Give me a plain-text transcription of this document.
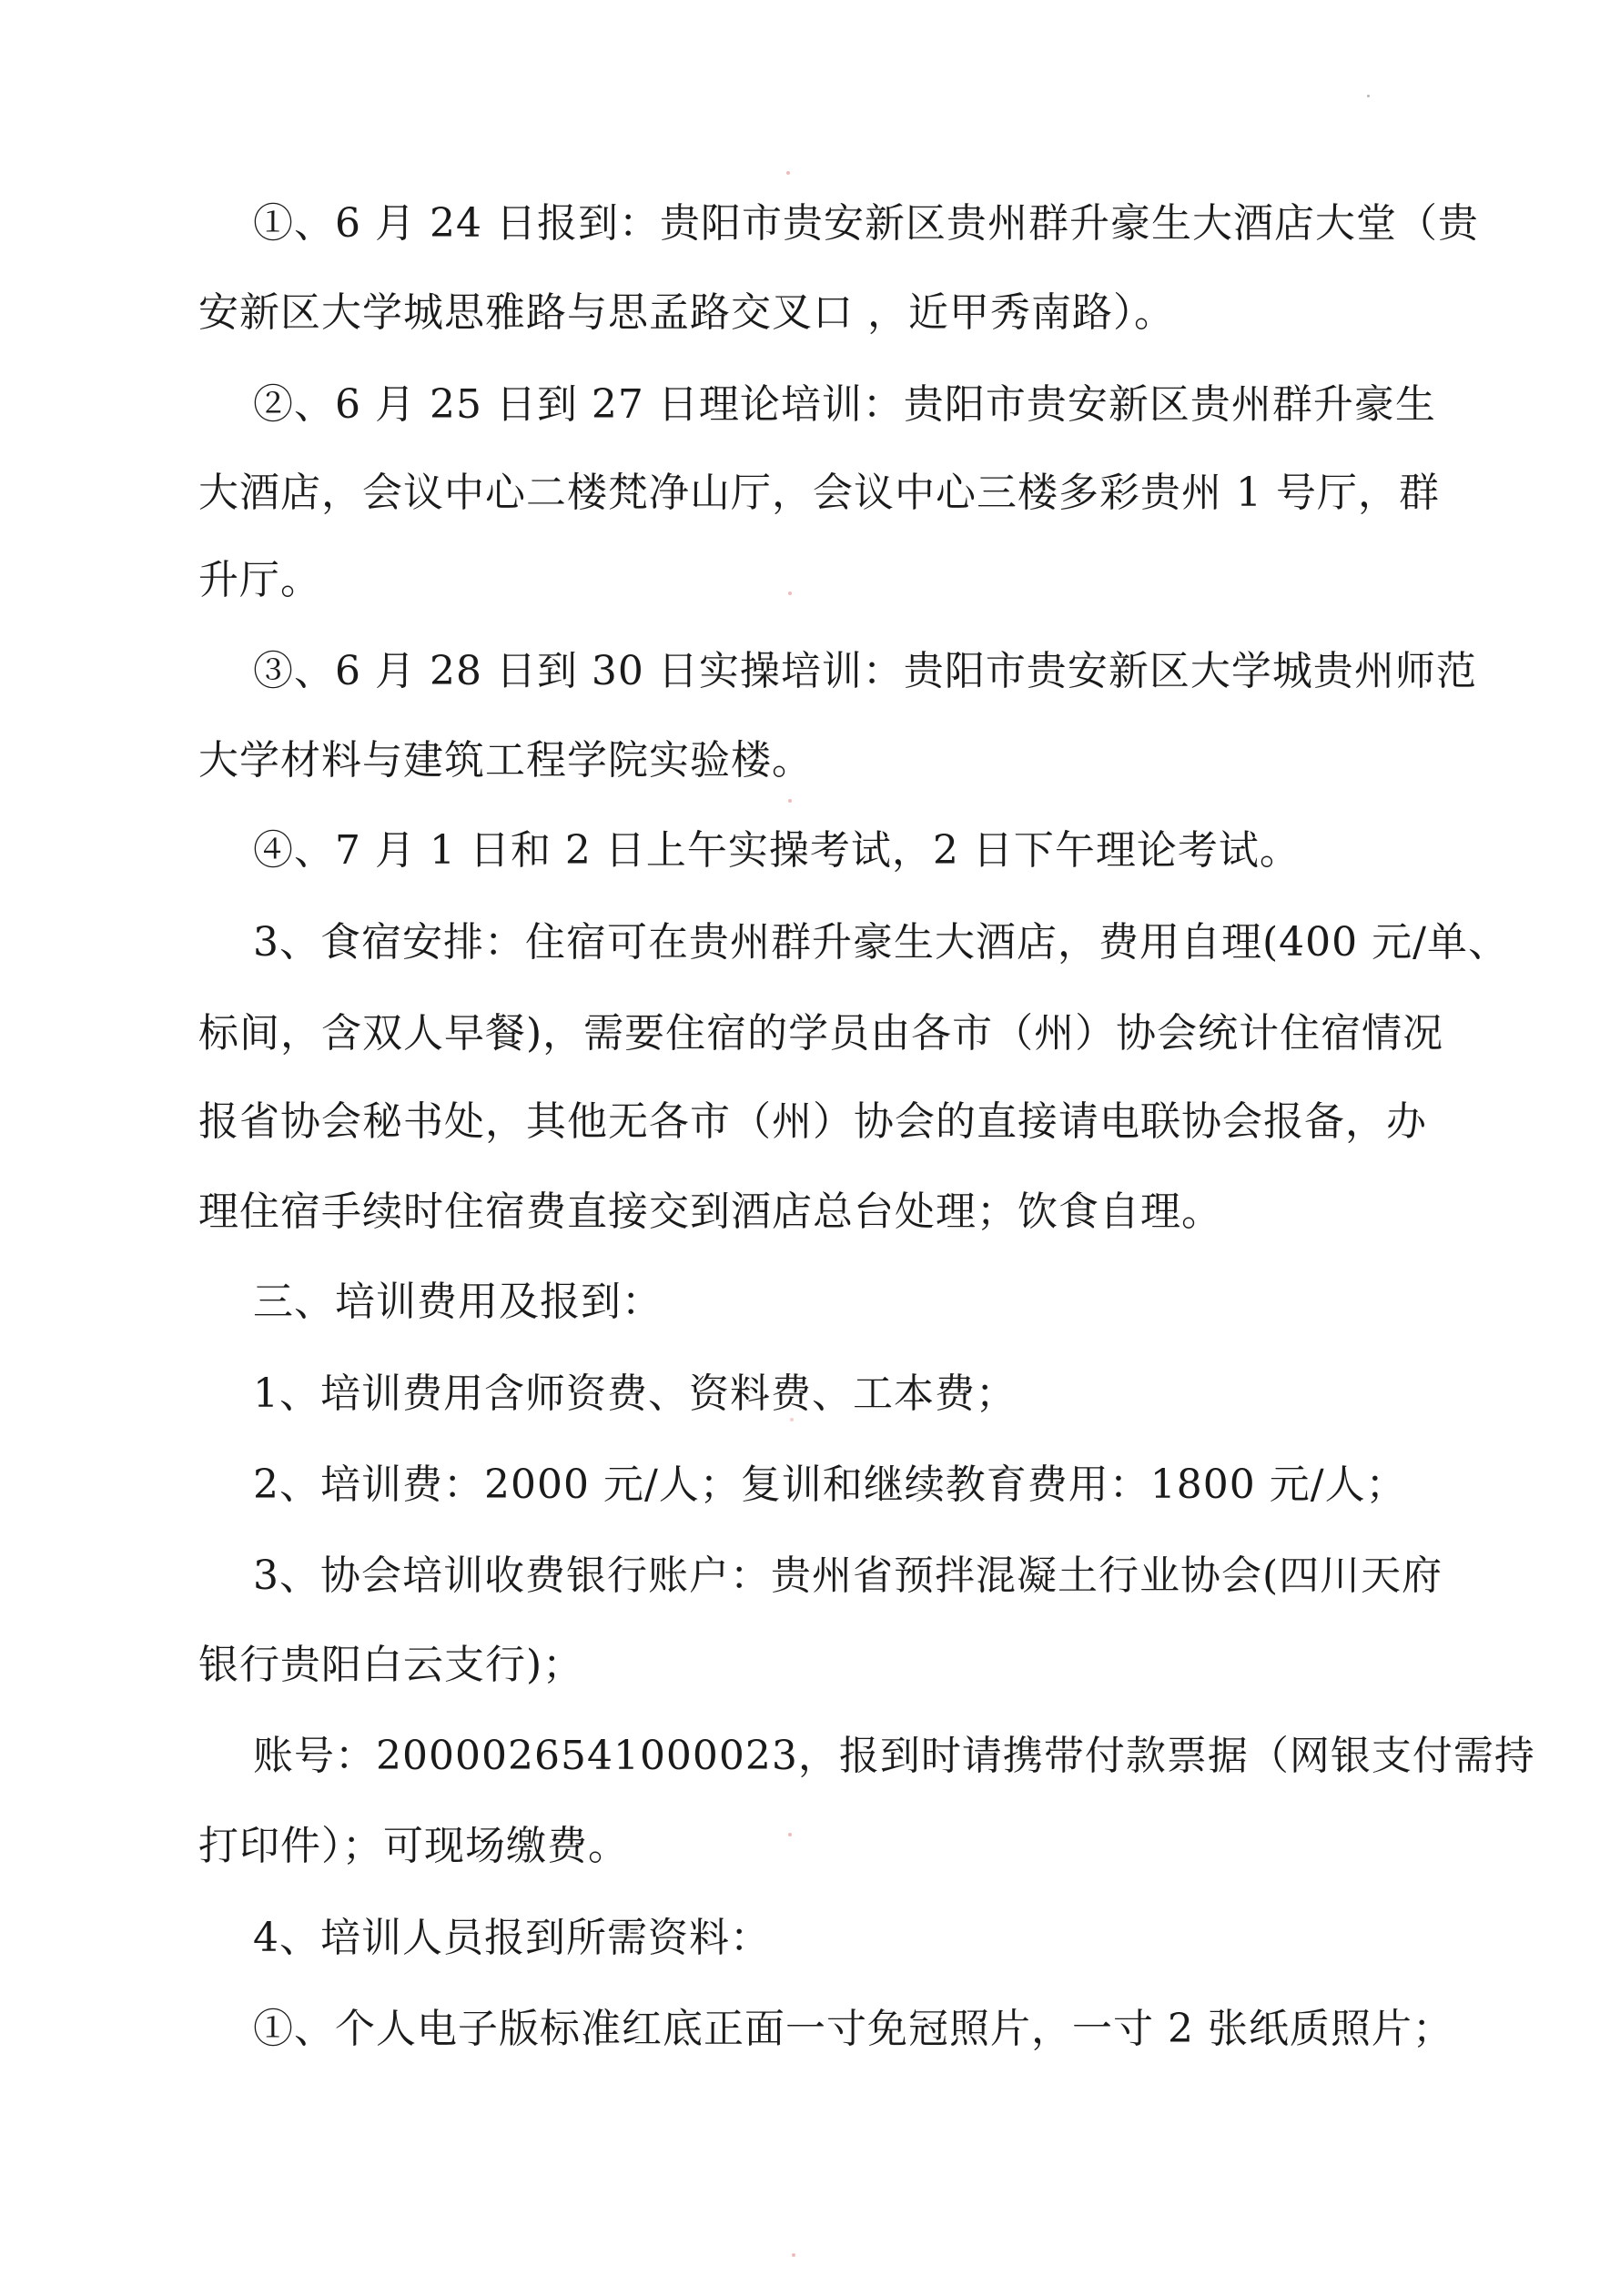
①、6 月 24 日报到：贵阳市贵安新区贵州群升豪生大酒店大堂（贵
安新区大学城思雅路与思孟路交叉口 ，近甲秀南路）。
②、6 月 25 日到 27 日理论培训：贵阳市贵安新区贵州群升豪生
大酒店，会议中心二楼梵净山厅，会议中心三楼多彩贵州 1 号厅，群
升厅。
③、6 月 28 日到 30 日实操培训：贵阳市贵安新区大学城贵州师范
大学材料与建筑工程学院实验楼。
④、7 月 1 日和 2 日上午实操考试，2 日下午理论考试。
3、食宿安排：住宿可在贵州群升豪生大酒店，费用自理(400 元/单、
标间，含双人早餐)，需要住宿的学员由各市（州）协会统计住宿情况
报省协会秘书处，其他无各市（州）协会的直接请电联协会报备，办
理住宿手续时住宿费直接交到酒店总台处理；饮食自理。
三、培训费用及报到：
1、培训费用含师资费、资料费、工本费；
2、培训费：2000 元/人；复训和继续教育费用：1800 元/人；
3、协会培训收费银行账户：贵州省预拌混凝土行业协会(四川天府
银行贵阳白云支行)；
账号：2000026541000023，报到时请携带付款票据（网银支付需持
打印件）；可现场缴费。
4、培训人员报到所需资料：
①、个人电子版标准红底正面一寸免冠照片，一寸 2 张纸质照片；
